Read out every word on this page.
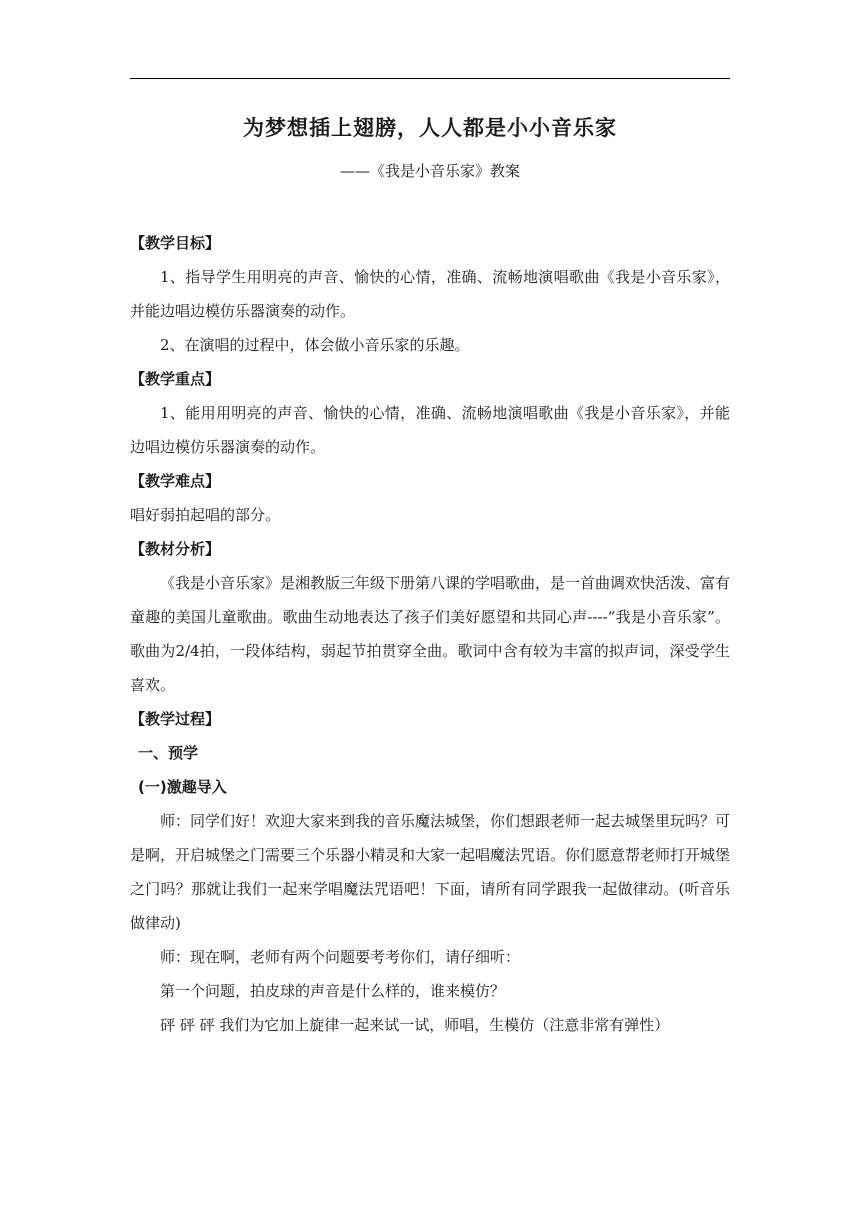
为梦想插上翅膀，人人都是小小音乐家
——《我是小音乐家》教案
【教学目标】

1、指导学生用明亮的声音、愉快的心情，准确、流畅地演唱歌曲《我是小音乐家》，并能边唱边模仿乐器演奏的动作。

2、在演唱的过程中，体会做小音乐家的乐趣。

【教学重点】

1、能用用明亮的声音、愉快的心情，准确、流畅地演唱歌曲《我是小音乐家》，并能边唱边模仿乐器演奏的动作。

【教学难点】

唱好弱拍起唱的部分。

【教材分析】

《我是小音乐家》是湘教版三年级下册第八课的学唱歌曲，是一首曲调欢快活泼、富有童趣的美国儿童歌曲。歌曲生动地表达了孩子们美好愿望和共同心声----“我是小音乐家”。歌曲为2/4拍，一段体结构，弱起节拍贯穿全曲。歌词中含有较为丰富的拟声词，深受学生喜欢。

【教学过程】
一、预学
(一)激趣导入

师：同学们好！欢迎大家来到我的音乐魔法城堡，你们想跟老师一起去城堡里玩吗？可是啊，开启城堡之门需要三个乐器小精灵和大家一起唱魔法咒语。你们愿意帮老师打开城堡之门吗？那就让我们一起来学唱魔法咒语吧！下面，请所有同学跟我一起做律动。(听音乐做律动)

师：现在啊，老师有两个问题要考考你们，请仔细听：

第一个问题，拍皮球的声音是什么样的，谁来模仿？

砰 砰 砰 我们为它加上旋律一起来试一试，师唱，生模仿（注意非常有弹性）
